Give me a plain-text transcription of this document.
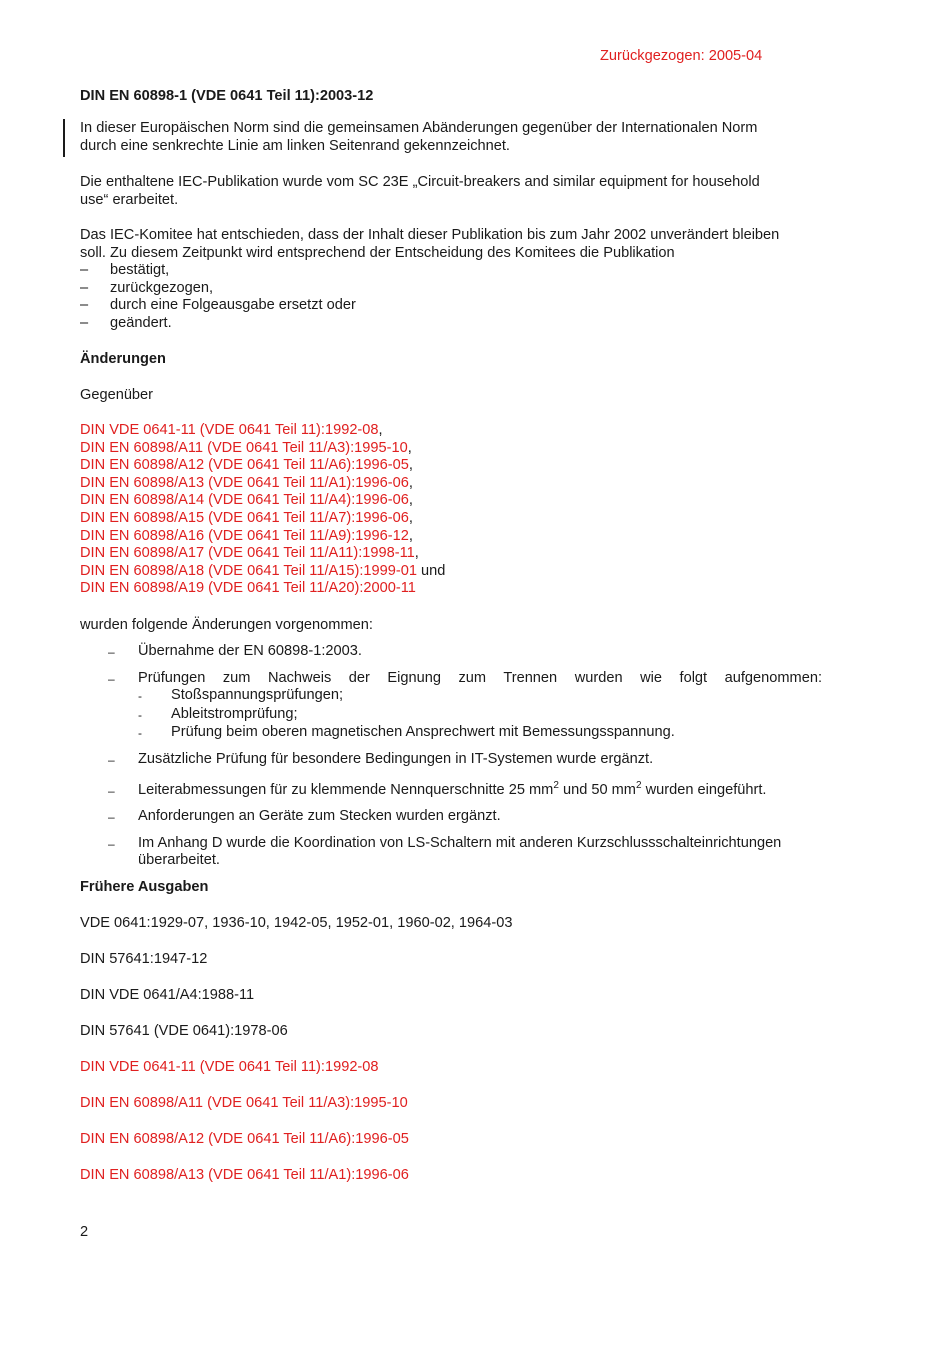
Zurückgezogen: 2005-04
DIN EN 60898-1 (VDE 0641 Teil 11):2003-12
In dieser Europäischen Norm sind die gemeinsamen Abänderungen gegenüber der Internationalen Norm
durch eine senkrechte Linie am linken Seitenrand gekennzeichnet.
Die enthaltene IEC-Publikation wurde vom SC 23E „Circuit-breakers and similar equipment for household
use“ erarbeitet.
Das IEC-Komitee hat entschieden, dass der Inhalt dieser Publikation bis zum Jahr 2002 unverändert bleiben
soll. Zu diesem Zeitpunkt wird entsprechend der Entscheidung des Komitees die Publikation
–	bestätigt,
–	zurückgezogen,
–	durch eine Folgeausgabe ersetzt oder
–	geändert.
Änderungen
Gegenüber
DIN VDE 0641-11 (VDE 0641 Teil 11):1992-08,
DIN EN 60898/A11 (VDE 0641 Teil 11/A3):1995-10,
DIN EN 60898/A12 (VDE 0641 Teil 11/A6):1996-05,
DIN EN 60898/A13 (VDE 0641 Teil 11/A1):1996-06,
DIN EN 60898/A14 (VDE 0641 Teil 11/A4):1996-06,
DIN EN 60898/A15 (VDE 0641 Teil 11/A7):1996-06,
DIN EN 60898/A16 (VDE 0641 Teil 11/A9):1996-12,
DIN EN 60898/A17 (VDE 0641 Teil 11/A11):1998-11,
DIN EN 60898/A18 (VDE 0641 Teil 11/A15):1999-01 und
DIN EN 60898/A19 (VDE 0641 Teil 11/A20):2000-11
wurden folgende Änderungen vorgenommen:
–	Übernahme der EN 60898-1:2003.
–	Prüfungen zum Nachweis der Eignung zum Trennen wurden wie folgt aufgenommen:
-	Stoßspannungsprüfungen;
-	Ableitstromprüfung;
-	Prüfung beim oberen magnetischen Ansprechwert mit Bemessungsspannung.
–	Zusätzliche Prüfung für besondere Bedingungen in IT-Systemen wurde ergänzt.
–	Leiterabmessungen für zu klemmende Nennquerschnitte 25 $mm^2$ und 50 $mm^2$ wurden eingeführt.
–	Anforderungen an Geräte zum Stecken wurden ergänzt.
–	Im Anhang D wurde die Koordination von LS-Schaltern mit anderen Kurzschlussschalteinrichtungen
überarbeitet.
Frühere Ausgaben
VDE 0641:1929-07, 1936-10, 1942-05, 1952-01, 1960-02, 1964-03
DIN 57641:1947-12
DIN VDE 0641/A4:1988-11
DIN 57641 (VDE 0641):1978-06
DIN VDE 0641-11 (VDE 0641 Teil 11):1992-08
DIN EN 60898/A11 (VDE 0641 Teil 11/A3):1995-10
DIN EN 60898/A12 (VDE 0641 Teil 11/A6):1996-05
DIN EN 60898/A13 (VDE 0641 Teil 11/A1):1996-06
2
